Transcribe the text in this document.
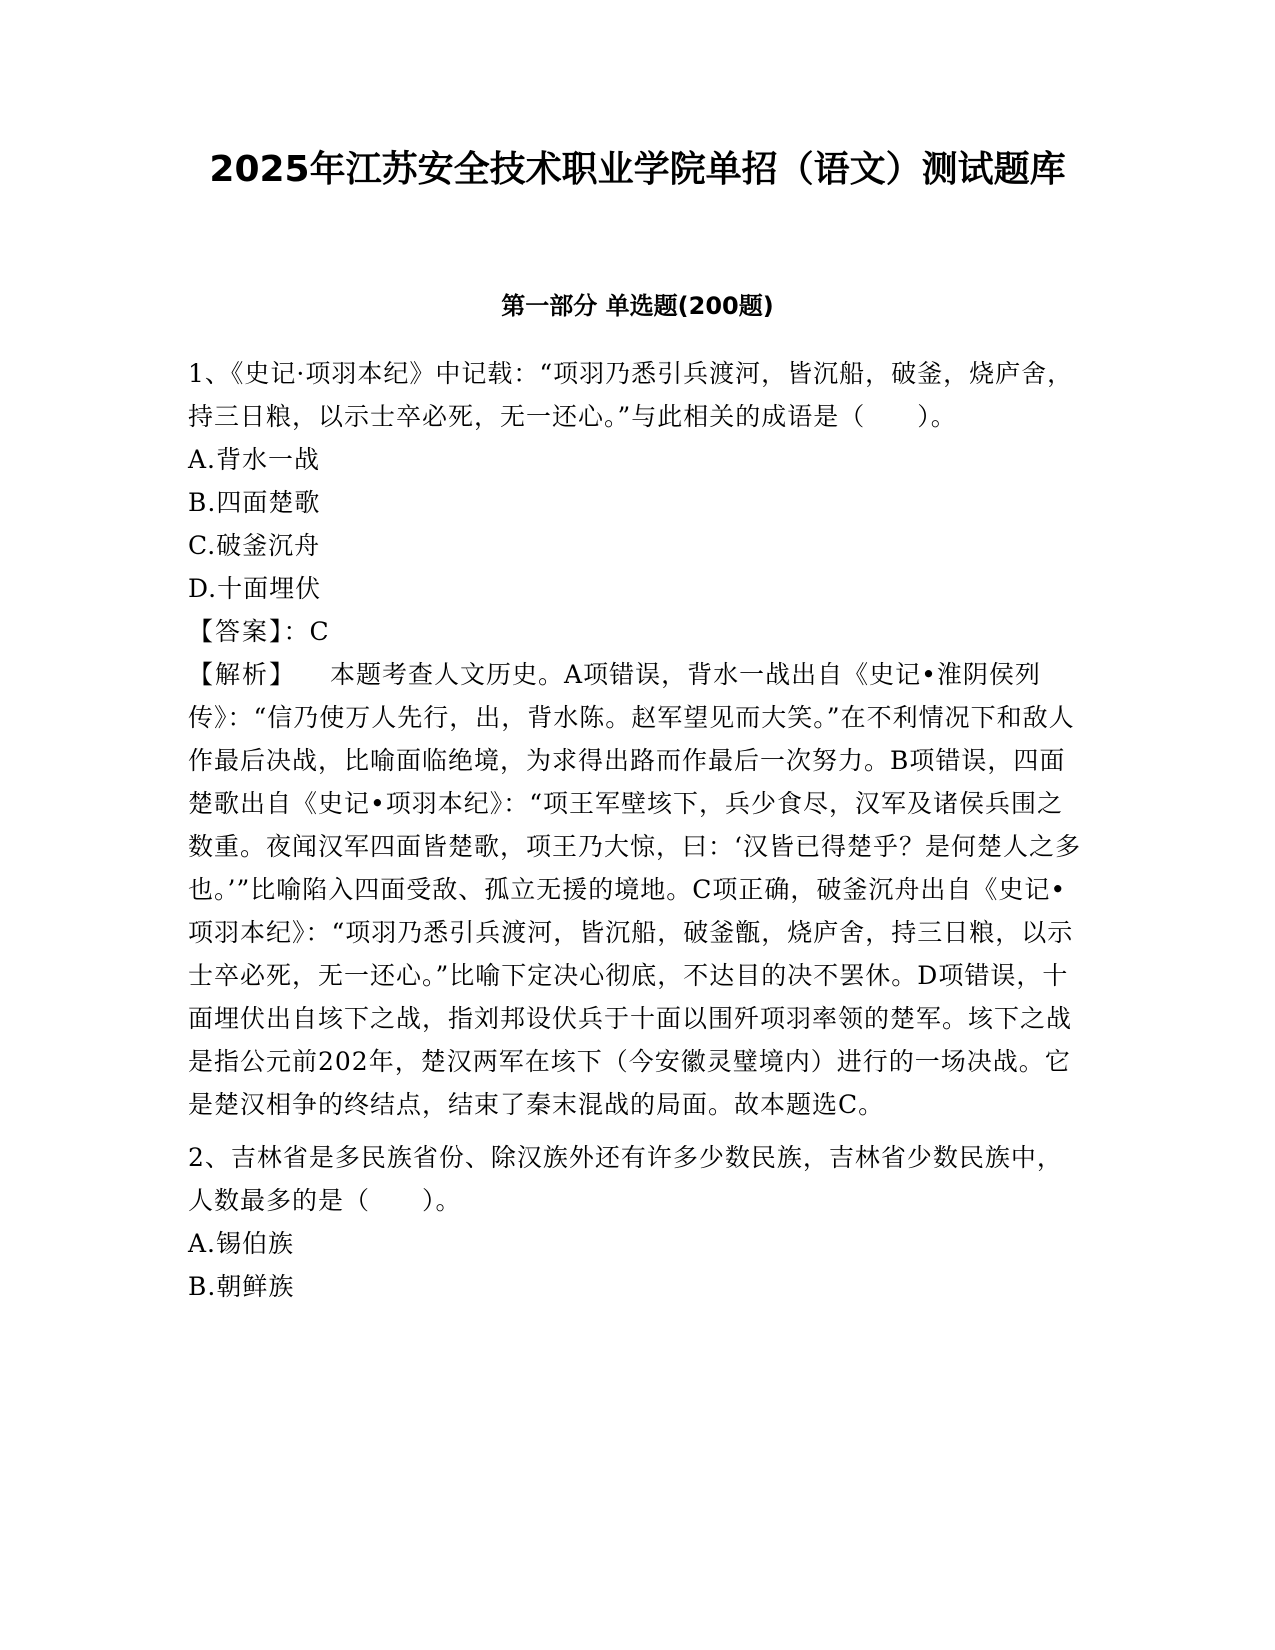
2025年江苏安全技术职业学院单招（语文）测试题库
第一部分 单选题(200题)

1、《史记·项羽本纪》中记载：“项羽乃悉引兵渡河，皆沉船，破釜，烧庐舍，持三日粮，以示士卒必死，无一还心。”与此相关的成语是（　　）。

A.背水一战

B.四面楚歌

C.破釜沉舟

D.十面埋伏

【答案】：C

【解析】 本题考查人文历史。A项错误，背水一战出自《史记•淮阴侯列传》：“信乃使万人先行，出，背水陈。赵军望见而大笑。”在不利情况下和敌人作最后决战，比喻面临绝境，为求得出路而作最后一次努力。B项错误，四面楚歌出自《史记•项羽本纪》：“项王军壁垓下，兵少食尽，汉军及诸侯兵围之数重。夜闻汉军四面皆楚歌，项王乃大惊，曰：‘汉皆已得楚乎？是何楚人之多也。’”比喻陷入四面受敌、孤立无援的境地。C项正确，破釜沉舟出自《史记•项羽本纪》：“项羽乃悉引兵渡河，皆沉船，破釜甑，烧庐舍，持三日粮，以示士卒必死，无一还心。”比喻下定决心彻底，不达目的决不罢休。D项错误，十面埋伏出自垓下之战，指刘邦设伏兵于十面以围歼项羽率领的楚军。垓下之战是指公元前202年，楚汉两军在垓下（今安徽灵璧境内）进行的一场决战。它是楚汉相争的终结点，结束了秦末混战的局面。故本题选C。

2、吉林省是多民族省份、除汉族外还有许多少数民族，吉林省少数民族中，人数最多的是（　　）。

A.锡伯族

B.朝鲜族
